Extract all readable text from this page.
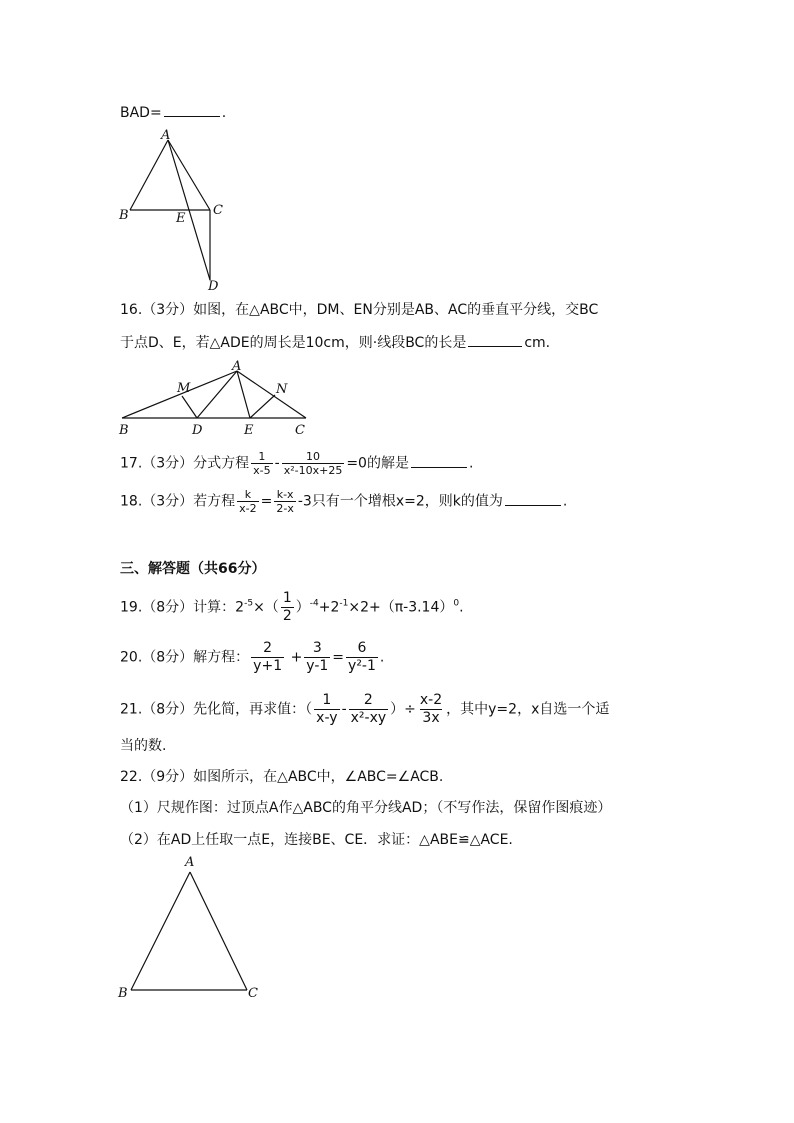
BAD=	.
A
B	C
E
D
16.（3分）如图，在△ABC中，DM、EN分别是AB、AC的垂直平分线，交BC
于点D、E，若△ADE的周长是10cm，则·线段BC的长是	cm.
A
M	N
B	D	E	C
17.（3分）分式方程 $\frac{1}{x-5} - \frac{10}{\text{x²-10x+25}} =0$的解是	.
18.（3分）若方程 $\frac{k}{x-2} = \frac{k-x}{2-x} -3$只有一个增根x=2，则k的值为	.
三、解答题（共66分）
19.（8分）计算：$2^{-5}\times( \frac{1}{2} )^{-4}+2^{-1}\times 2+(\pi-3.14)^0$.
20.（8分）解方程： $\frac{2}{y+1} + \frac{3}{y-1} = \frac{6}{\text{y²-1}}$ .
21.（8分）先化简，再求值：（ $\frac{1}{x-y} - \frac{2}{\text{x²-xy}}$ ）÷ $\frac{x-2}{3x}$ ，其中y=2，x自选一个适
当的数.
22.（9分）如图所示，在△ABC中，∠ABC=∠ACB.
（1）尺规作图：过顶点A作△ABC的角平分线AD；（不写作法，保留作图痕迹）
（2）在AD上任取一点E，连接BE、CE．求证：△ABE≌△ACE.
A
B	C
